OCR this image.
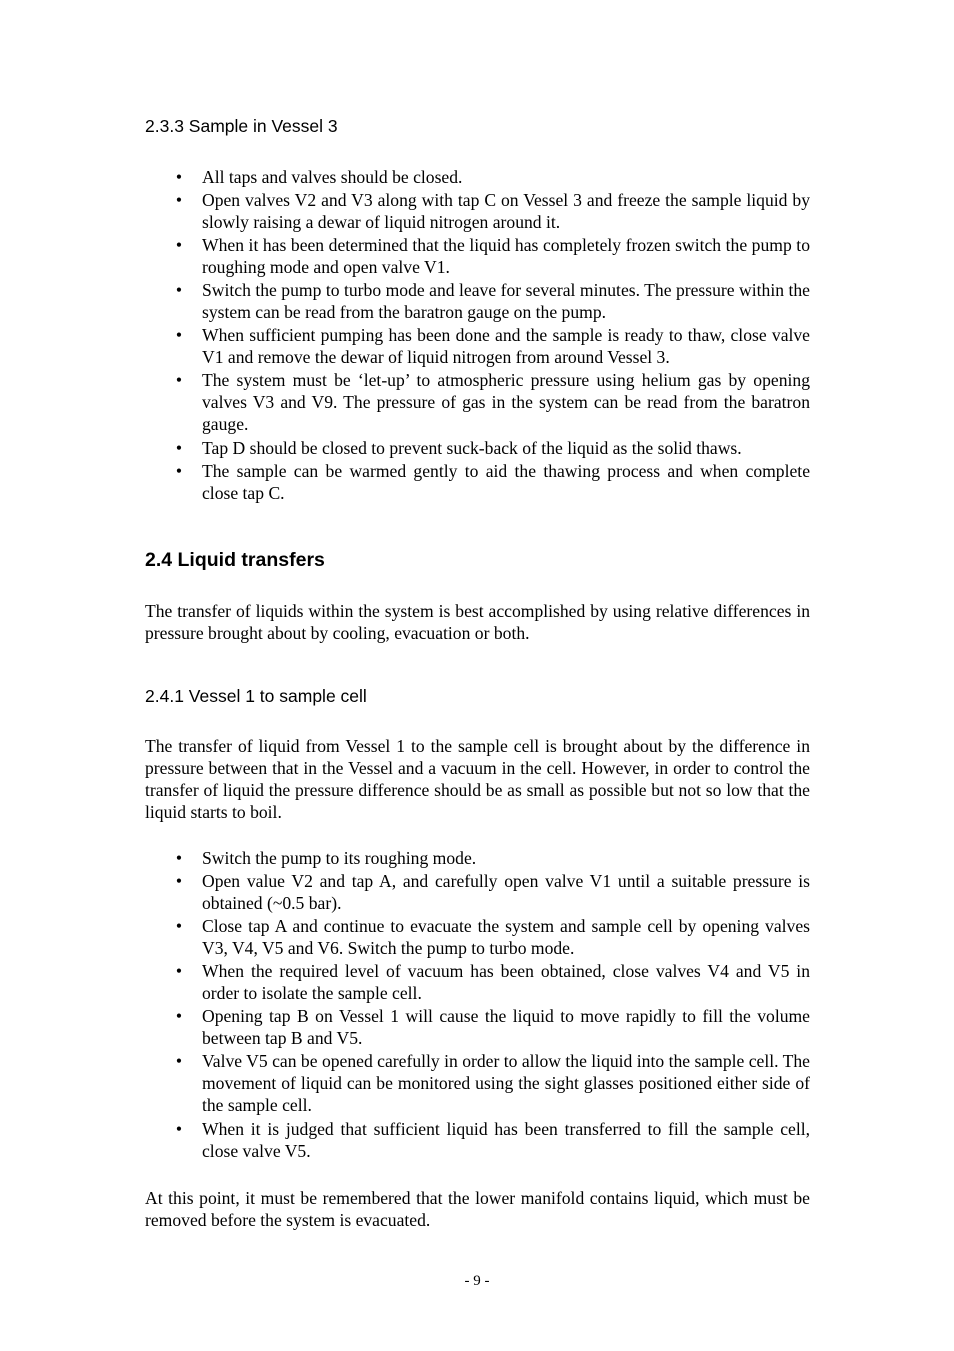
2.3.3 Sample in Vessel 3
• All taps and valves should be closed.
• Open valves V2 and V3 along with tap C on Vessel 3 and freeze the sample liquid by slowly raising a dewar of liquid nitrogen around it.
• When it has been determined that the liquid has completely frozen switch the pump to roughing mode and open valve V1.
• Switch the pump to turbo mode and leave for several minutes. The pressure within the system can be read from the baratron gauge on the pump.
• When sufficient pumping has been done and the sample is ready to thaw, close valve V1 and remove the dewar of liquid nitrogen from around Vessel 3.
• The system must be ‘let-up’ to atmospheric pressure using helium gas by opening valves V3 and V9. The pressure of gas in the system can be read from the baratron gauge.
• Tap D should be closed to prevent suck-back of the liquid as the solid thaws.
• The sample can be warmed gently to aid the thawing process and when complete close tap C.
2.4 Liquid transfers

The transfer of liquids within the system is best accomplished by using relative differences in pressure brought about by cooling, evacuation or both.

2.4.1 Vessel 1 to sample cell

The transfer of liquid from Vessel 1 to the sample cell is brought about by the difference in pressure between that in the Vessel and a vacuum in the cell. However, in order to control the transfer of liquid the pressure difference should be as small as possible but not so low that the liquid starts to boil.

• Switch the pump to its roughing mode.
• Open value V2 and tap A, and carefully open valve V1 until a suitable pressure is obtained (~0.5 bar).
• Close tap A and continue to evacuate the system and sample cell by opening valves V3, V4, V5 and V6. Switch the pump to turbo mode.
• When the required level of vacuum has been obtained, close valves V4 and V5 in order to isolate the sample cell.
• Opening tap B on Vessel 1 will cause the liquid to move rapidly to fill the volume between tap B and V5.
• Valve V5 can be opened carefully in order to allow the liquid into the sample cell. The movement of liquid can be monitored using the sight glasses positioned either side of the sample cell.
• When it is judged that sufficient liquid has been transferred to fill the sample cell, close valve V5.

At this point, it must be remembered that the lower manifold contains liquid, which must be removed before the system is evacuated.

- 9 -
